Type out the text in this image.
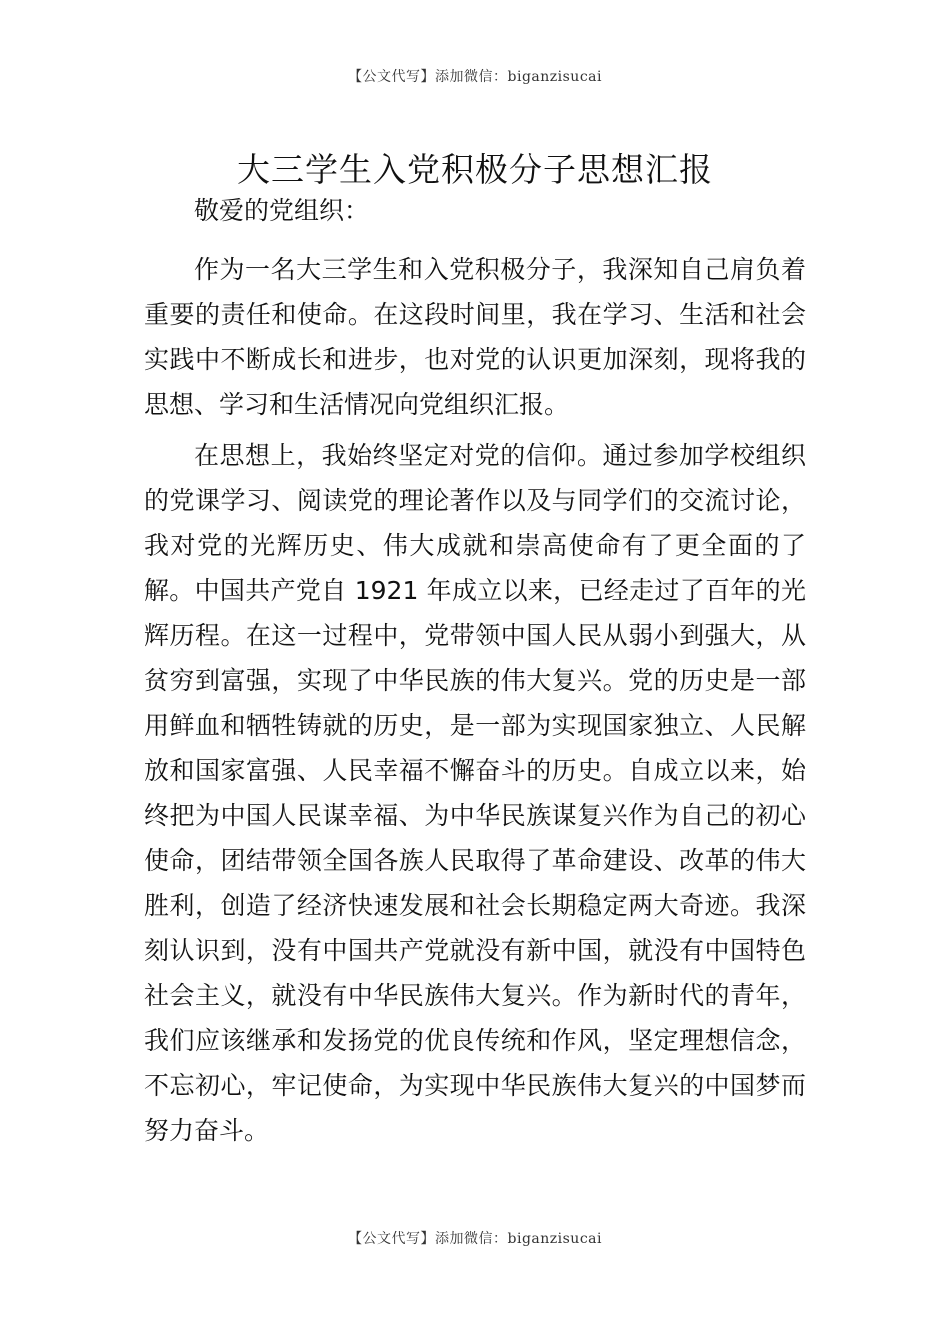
【公文代写】添加微信：biganzisucai
大三学生入党积极分子思想汇报

敬爱的党组织：

作为一名大三学生和入党积极分子，我深知自己肩负着重要的责任和使命。在这段时间里，我在学习、生活和社会实践中不断成长和进步，也对党的认识更加深刻，现将我的思想、学习和生活情况向党组织汇报。

在思想上，我始终坚定对党的信仰。通过参加学校组织的党课学习、阅读党的理论著作以及与同学们的交流讨论，我对党的光辉历史、伟大成就和崇高使命有了更全面的了解。中国共产党自 1921 年成立以来，已经走过了百年的光辉历程。在这一过程中，党带领中国人民从弱小到强大，从贫穷到富强，实现了中华民族的伟大复兴。党的历史是一部用鲜血和牺牲铸就的历史，是一部为实现国家独立、人民解放和国家富强、人民幸福不懈奋斗的历史。自成立以来，始终把为中国人民谋幸福、为中华民族谋复兴作为自己的初心使命，团结带领全国各族人民取得了革命建设、改革的伟大胜利，创造了经济快速发展和社会长期稳定两大奇迹。我深刻认识到，没有中国共产党就没有新中国，就没有中国特色社会主义，就没有中华民族伟大复兴。作为新时代的青年，我们应该继承和发扬党的优良传统和作风，坚定理想信念，不忘初心，牢记使命，为实现中华民族伟大复兴的中国梦而努力奋斗。

【公文代写】添加微信：biganzisucai
